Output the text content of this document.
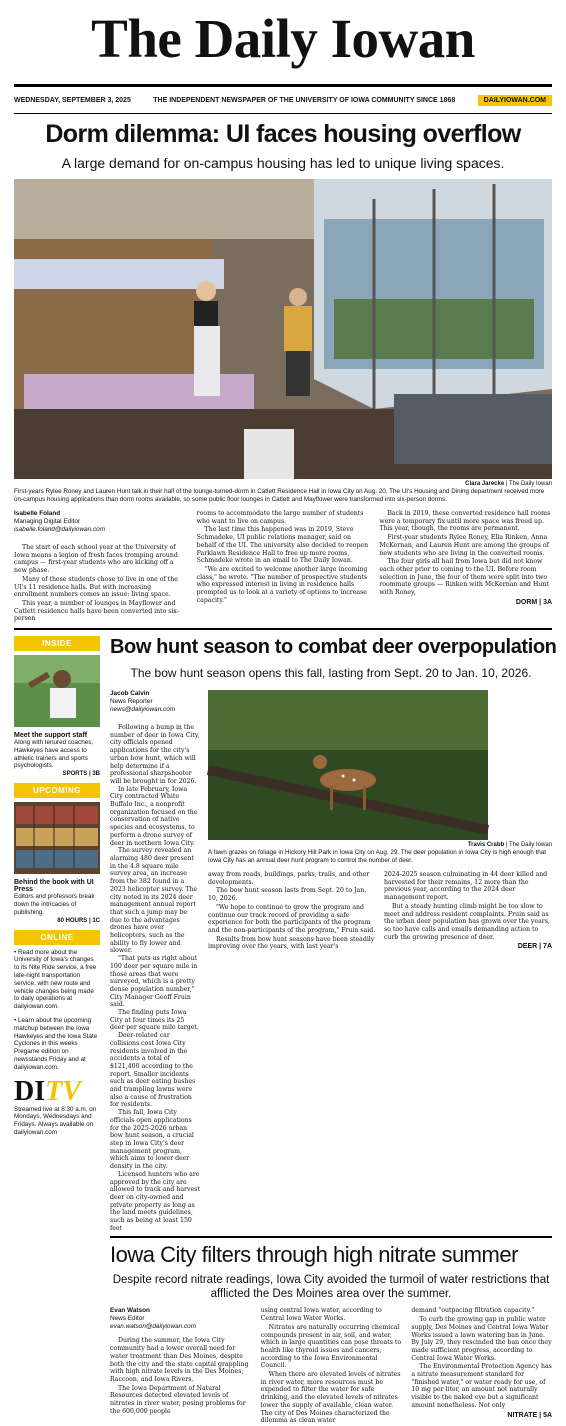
The Daily Iowan
WEDNESDAY, SEPTEMBER 3, 2025	THE INDEPENDENT NEWSPAPER OF THE UNIVERSITY OF IOWA COMMUNITY SINCE 1868	DAILYIOWAN.COM
Dorm dilemma: UI faces housing overflow
A large demand for on-campus housing has led to unique living spaces.
Clara Jarecke | The Daily Iowan
First-years Rylee Roney and Lauren Hunt talk in their half of the lounge-turned-dorm in Catlett Residence Hall in Iowa City on Aug. 20. The UI's Housing and Dining department received more on-campus housing applications than dorm rooms available, so some public floor lounges in Catlett and Mayflower were transformed into six-person dorms.
Isabelle Foland
Managing Digital Editor
isabelle.foland@dailyiowan.com

The start of each school year at the University of Iowa means a legion of fresh faces tromping around campus — first-year students who are kicking off a new phase.

Many of these students chose to live in one of the UI's 11 residence halls. But with increasing enrollment numbers comes an issue: living space.

This year, a number of lounges in Mayflower and Catlett residence halls have been converted into six-person

rooms to accommodate the large number of students who want to live on campus.

The last time this happened was in 2019, Steve Schmadeke, UI public relations manager, said on behalf of the UI. The university also decided to reopen Parklawn Residence Hall to free up more rooms, Schmadeke wrote in an email to The Daily Iowan.

"We are excited to welcome another large incoming class," he wrote. "The number of prospective students who expressed interest in living in residence halls prompted us to look at a variety of options to increase capacity."

Back in 2019, these converted residence hall rooms were a temporary fix until more space was freed up. This year, though, the rooms are permanent.

First-year students Rylee Roney, Ella Rinken, Anna McKernan, and Lauren Hunt are among the groups of new students who are living in the converted rooms.

The four girls all hail from Iowa but did not know each other prior to coming to the UI. Before room selection in June, the four of them were split into two roommate groups — Rinken with McKernan and Hunt with Roney,

DORM | 3A
INSIDE
Meet the support staff
Along with tenured coaches, Hawkeyes have access to athletic trainers and sports psychologists.
SPORTS | 3B
UPCOMING
Behind the book with UI Press
Editors and professors break down the intricacies of publishing.
80 HOURS | 1C
ONLINE
• Read more about the University of Iowa's changes to its Nite Ride service, a free late-night transportation service, with new route and vehicle changes being made to daily operations at dailyiowan.com.
• Learn about the upcoming matchup between the Iowa Hawkeyes and the Iowa State Cyclones in this weeks Pregame edition on newsstands Friday and at dailyiowan.com.
DITV
Streamed live at 8:30 a.m. on Mondays, Wednesdays and Fridays. Always available on dailyiowan.com
Bow hunt season to combat deer overpopulation
The bow hunt season opens this fall, lasting from Sept. 20 to Jan. 10, 2026.
Jacob Calvin
News Reporter
news@dailyiowan.com

Following a bump in the number of deer in Iowa City, city officials opened applications for the city's urban bow hunt, which will help determine if a professional sharpshooter will be brought in for 2026.

In late February, Iowa City contracted White Buffalo Inc., a nonprofit organization focused on the conservation of native species and ecosystems, to perform a drone survey of deer in northern Iowa City.

The survey revealed an alarming 480 deer present in the 4.8 square mile survey area, an increase from the 382 found in a 2023 helicopter survey. The city noted in its 2024 deer management annual report that such a jump may be due to the advantages drones have over helicopters, such as the ability to fly lower and slower.

"That puts us right about 100 deer per square mile in those areas that were surveyed, which is a pretty dense population number," City Manager Geoff Fruin said.

The finding puts Iowa City at four times its 25 deer per square mile target.

Deer-related car collisions cost Iowa City residents involved in the accidents a total of $121,400 according to the report. Smaller incidents such as deer eating bushes and trampling lawns were also a cause of frustration for residents.

This fall, Iowa City officials open applications for the 2025-2026 urban bow hunt season, a crucial step in Iowa City's deer management program, which aims to lower deer density in the city.

Licensed hunters who are approved by the city are allowed to track and harvest deer on city-owned and private property as long as the land meets guidelines, such as being at least 150 feet

Travis Crabb | The Daily Iowan
A fawn grazes on foliage in Hickory Hill Park in Iowa City on Aug. 29. The deer population in Iowa City is high enough that Iowa City has an annual deer hunt program to control the number of deer.

away from roads, buildings, parks, trails, and other developments.

The bow hunt season lasts from Sept. 20 to Jan. 10, 2026.

"We hope to continue to grow the program and continue our track record of providing a safe experience for both the participants of the program and the non-participants of the program," Fruin said.

Results from bow hunt seasons have been steadily improving over the years, with last year's

2024-2025 season culminating in 44 deer killed and harvested for their remains, 12 more than the previous year, according to the 2024 deer management report.

But a steady hunting climb might be too slow to meet and address resident complaints. Fruin said as the urban deer population has grown over the years, so too have calls and emails demanding action to curb the growing presence of deer.

DEER | 7A
Iowa City filters through high nitrate summer
Despite record nitrate readings, Iowa City avoided the turmoil of water restrictions that afflicted the Des Moines area over the summer.
Evan Watson
News Editor
evan.watson@dailyiowan.com

During the summer, the Iowa City community had a lower overall need for water treatment than Des Moines, despite both the city and the state capital grappling with high nitrate levels in the Des Moines, Raccoon, and Iowa Rivers.

The Iowa Department of Natural Resources detected elevated levels of nitrates in river water, posing problems for the 600,000 people

using central Iowa water, according to Central Iowa Water Works.

Nitrates are naturally occurring chemical compounds present in air, soil, and water, which in large quantities can pose threats to health like thyroid issues and cancers, according to the Iowa Environmental Council.

When there are elevated levels of nitrates in river water, more resources must be expended to filter the water for safe drinking, and the elevated levels of nitrates lower the supply of available, clean water. The city of Des Moines characterized the dilemma as clean water

demand "outpacing filtration capacity."

To curb the growing gap in public water supply, Des Moines and Central Iowa Water Works issued a lawn watering ban in June. By July 29, they rescinded the ban once they made sufficient progress, according to Central Iowa Water Works.

The Environmental Protection Agency has a nitrate measurement standard for "finished water," or water ready for use, of 10 mg per liter, an amount not naturally visible to the naked eye but a significant amount nonetheless. Not only

NITRATE | 5A
